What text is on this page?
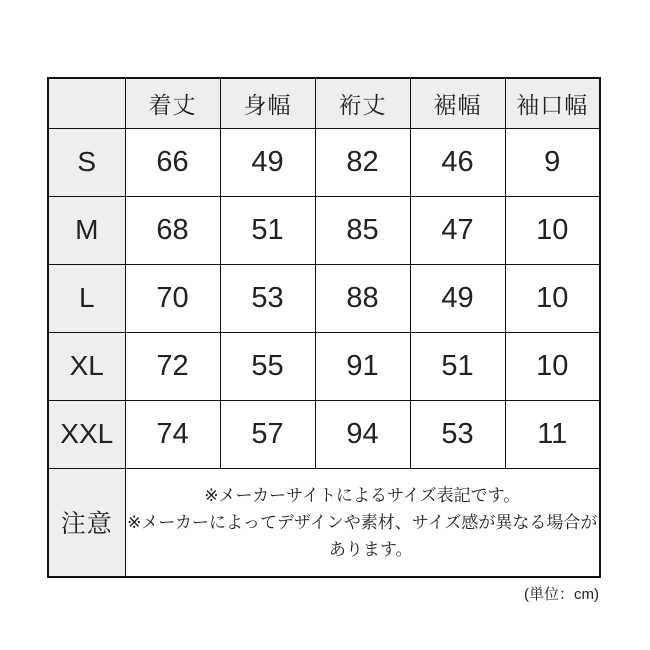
	着丈	身幅	裄丈	裾幅	袖口幅
S	66	49	82	46	9
M	68	51	85	47	10
L	70	53	88	49	10
XL	72	55	91	51	10
XXL	74	57	94	53	11
注意	※メーカーサイトによるサイズ表記です。
※メーカーによってデザインや素材、サイズ感が異なる場合が
あります。				
(単位：cm)
